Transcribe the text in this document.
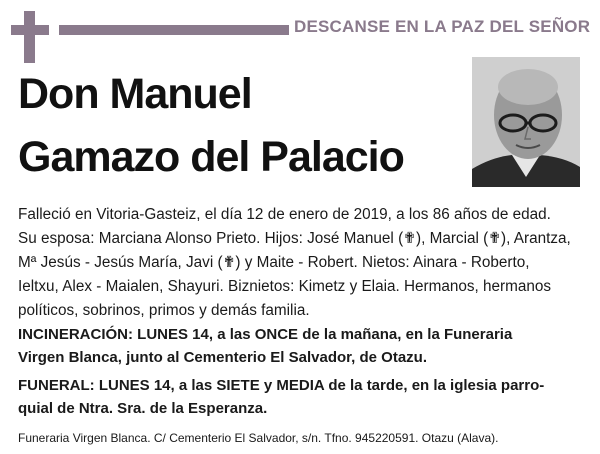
DESCANSE EN LA PAZ DEL SEÑOR
Don Manuel
Gamazo del Palacio
Falleció en Vitoria-Gasteiz, el día 12 de enero de 2019, a los 86 años de edad.
Su esposa: Marciana Alonso Prieto. Hijos: José Manuel (✟), Marcial (✟), Arantza,
Mª Jesús - Jesús María, Javi (✟) y Maite - Robert. Nietos: Ainara - Roberto,
Ieltxu, Alex - Maialen, Shayuri. Biznietos: Kimetz y Elaia. Hermanos, hermanos
políticos, sobrinos, primos y demás familia.
INCINERACIÓN: LUNES 14, a las ONCE de la mañana, en la Funeraria
Virgen Blanca, junto al Cementerio El Salvador, de Otazu.
FUNERAL: LUNES 14, a las SIETE y MEDIA de la tarde, en la iglesia parro-
quial de Ntra. Sra. de la Esperanza.
Funeraria Virgen Blanca. C/ Cementerio El Salvador, s/n. Tfno. 945220591. Otazu (Alava).
